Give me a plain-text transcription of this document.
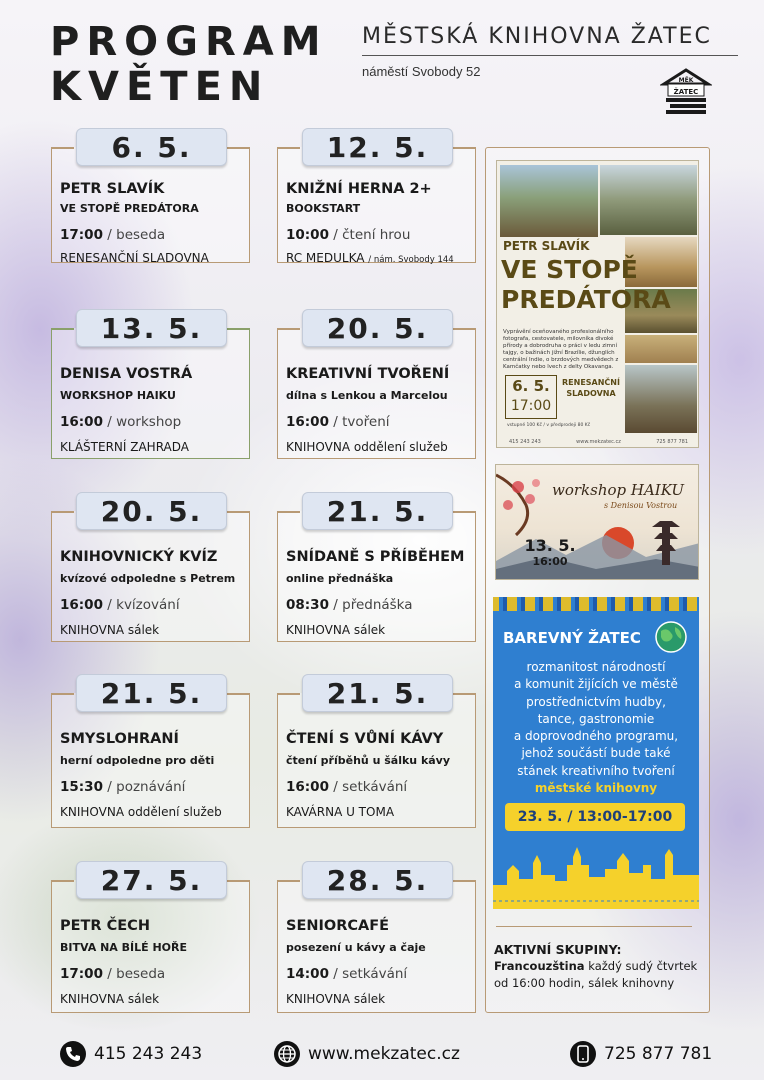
PROGRAM
KVĚTEN
MĚSTSKÁ KNIHOVNA ŽATEC
náměstí Svobody 52
MĚK
ŽATEC
6. 5.
PETR SLAVÍK
VE STOPĚ PREDÁTORA
17:00 / beseda
RENESANČNÍ SLADOVNA
12. 5.
KNIŽNÍ HERNA 2+
BOOKSTART
10:00 / čtení hrou
RC MEDULKA / nám. Svobody 144
13. 5.
DENISA VOSTRÁ
WORKSHOP HAIKU
16:00 / workshop
KLÁŠTERNÍ ZAHRADA
20. 5.
KREATIVNÍ TVOŘENÍ
dílna s Lenkou a Marcelou
16:00 / tvoření
KNIHOVNA oddělení služeb
20. 5.
KNIHOVNICKÝ KVÍZ
kvízové odpoledne s Petrem
16:00 / kvízování
KNIHOVNA sálek
21. 5.
SNÍDANĚ S PŘÍBĚHEM
online přednáška
08:30 / přednáška
KNIHOVNA sálek
21. 5.
SMYSLOHRANÍ
herní odpoledne pro děti
15:30 / poznávání
KNIHOVNA oddělení služeb
21. 5.
ČTENÍ S VŮNÍ KÁVY
čtení příběhů u šálku kávy
16:00 / setkávání
KAVÁRNA U TOMA
27. 5.
PETR ČECH
BITVA NA BÍLÉ HOŘE
17:00 / beseda
KNIHOVNA sálek
28. 5.
SENIORCAFÉ
posezení u kávy a čaje
14:00 / setkávání
KNIHOVNA sálek
PETR SLAVÍK
VE STOPĚ
PREDÁTORA
Vyprávění oceňovaného profesionálního fotografa, cestovatele, milovníka divoké přírody a dobrodruha o práci v ledu zimní tajgy, o bažinách jižní Brazílie, džunglích centrální Indie, o brzdových medvědech z Kamčatky nebo lvech z delty Okavanga.
6. 5.
17:00
RENESANČNÍ SLADOVNA
vstupné 100 Kč / v předprodeji 80 Kč
415 243 243	www.mekzatec.cz	725 877 781
workshop HAIKU
s Denisou Vostrou
13. 5.
16:00
BAREVNÝ ŽATEC
rozmanitost národností
a komunit žijících ve městě
prostřednictvím hudby,
tance, gastronomie
a doprovodného programu,
jehož součástí bude také
stánek kreativního tvoření
městské knihovny
23. 5. / 13:00-17:00
AKTIVNÍ SKUPINY:
Francouzština každý sudý čtvrtek
od 16:00 hodin, sálek knihovny
415 243 243	www.mekzatec.cz	725 877 781
